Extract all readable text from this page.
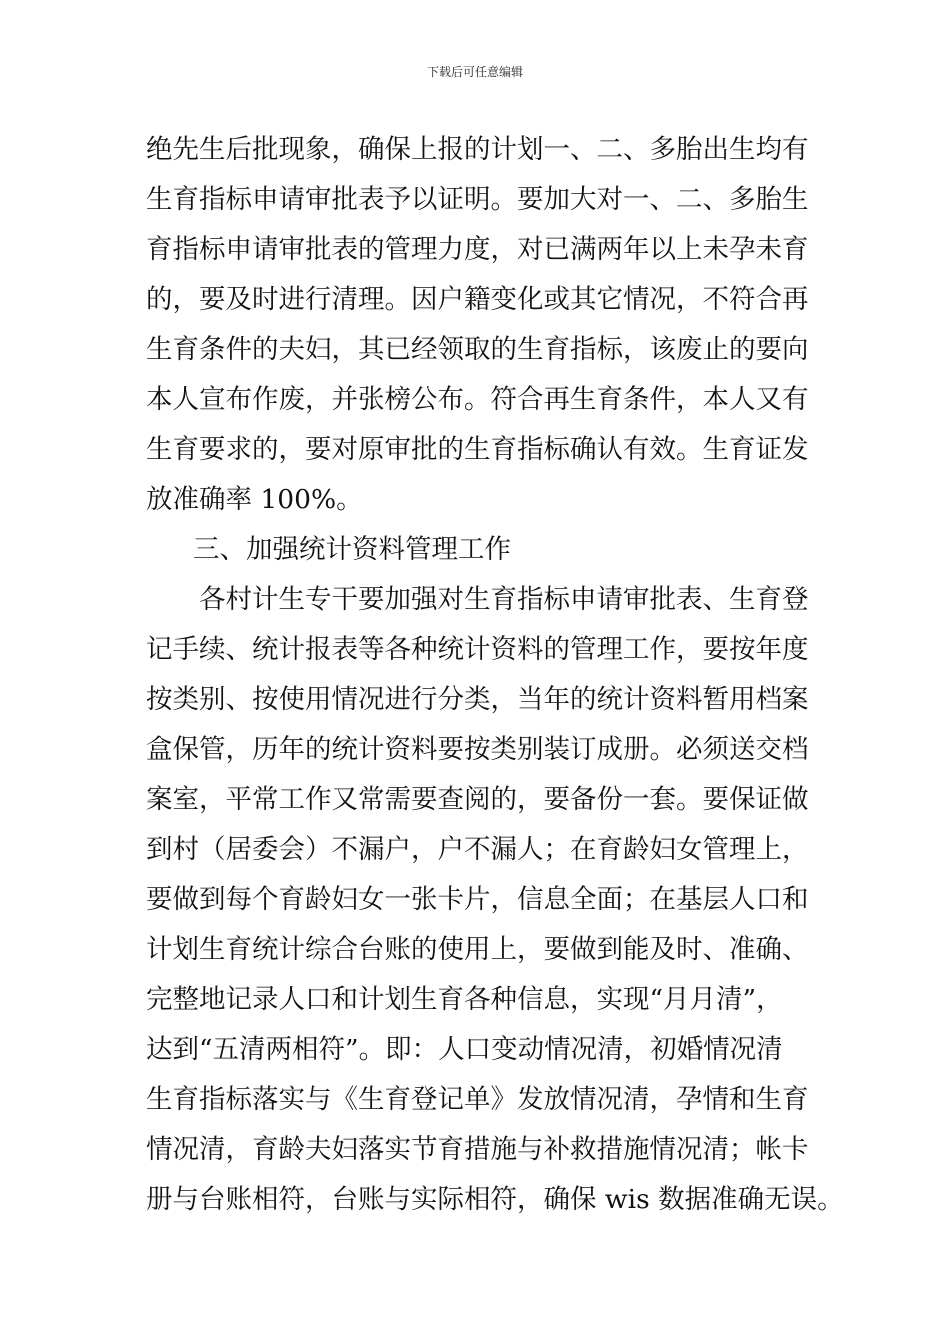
下载后可任意编辑
绝先生后批现象，确保上报的计划一、二、多胎出生均有
生育指标申请审批表予以证明。要加大对一、二、多胎生
育指标申请审批表的管理力度，对已满两年以上未孕未育
的，要及时进行清理。因户籍变化或其它情况，不符合再
生育条件的夫妇，其已经领取的生育指标，该废止的要向
本人宣布作废，并张榜公布。符合再生育条件，本人又有
生育要求的，要对原审批的生育指标确认有效。生育证发
放准确率 100%。
三、加强统计资料管理工作
各村计生专干要加强对生育指标申请审批表、生育登
记手续、统计报表等各种统计资料的管理工作，要按年度
按类别、按使用情况进行分类，当年的统计资料暂用档案
盒保管，历年的统计资料要按类别装订成册。必须送交档
案室，平常工作又常需要查阅的，要备份一套。要保证做
到村（居委会）不漏户，户不漏人；在育龄妇女管理上，
要做到每个育龄妇女一张卡片，信息全面；在基层人口和
计划生育统计综合台账的使用上，要做到能及时、准确、
完整地记录人口和计划生育各种信息，实现“月月清”，
达到“五清两相符”。即：人口变动情况清，初婚情况清
生育指标落实与《生育登记单》发放情况清，孕情和生育
情况清，育龄夫妇落实节育措施与补救措施情况清；帐卡
册与台账相符，台账与实际相符，确保 wis 数据准确无误。
